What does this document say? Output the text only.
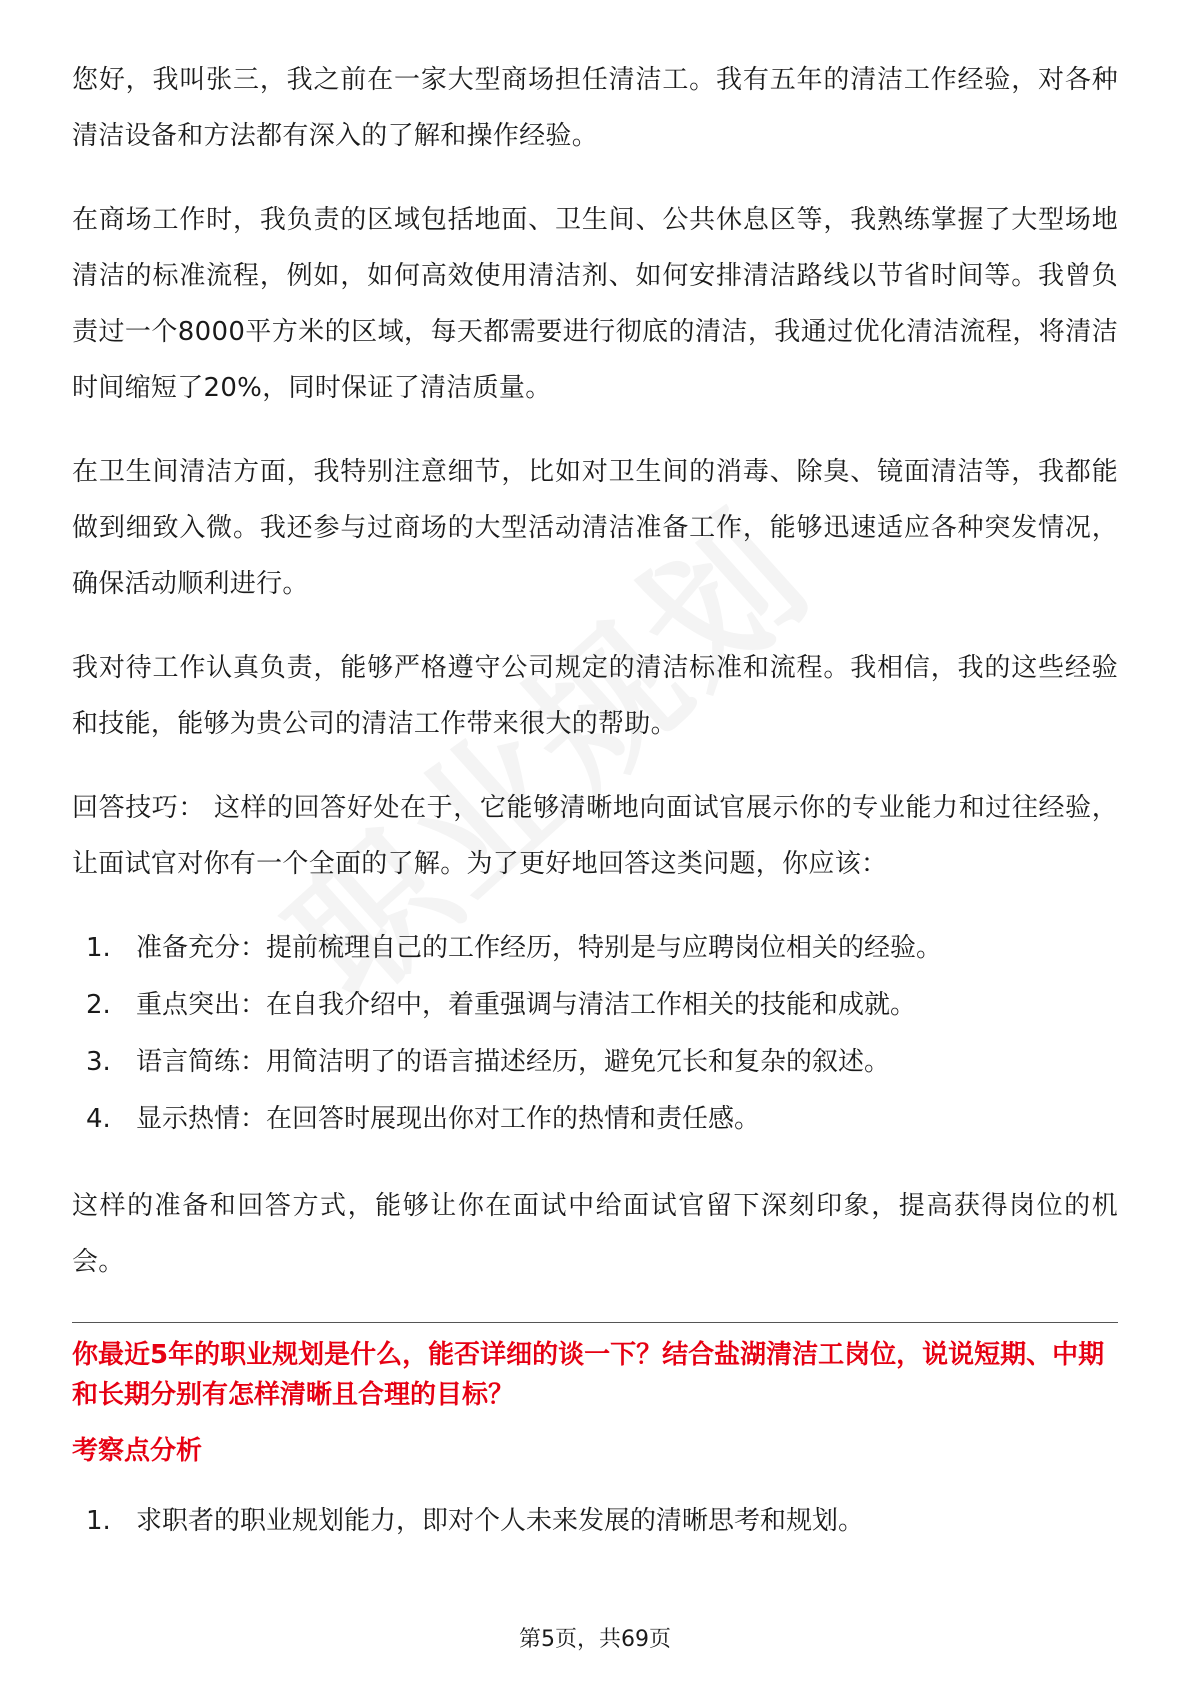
您好，我叫张三，我之前在一家大型商场担任清洁工。我有五年的清洁工作经验，对各种清洁设备和方法都有深入的了解和操作经验。

在商场工作时，我负责的区域包括地面、卫生间、公共休息区等，我熟练掌握了大型场地清洁的标准流程，例如，如何高效使用清洁剂、如何安排清洁路线以节省时间等。我曾负责过一个8000平方米的区域，每天都需要进行彻底的清洁，我通过优化清洁流程，将清洁时间缩短了20%，同时保证了清洁质量。

在卫生间清洁方面，我特别注意细节，比如对卫生间的消毒、除臭、镜面清洁等，我都能做到细致入微。我还参与过商场的大型活动清洁准备工作，能够迅速适应各种突发情况，确保活动顺利进行。

我对待工作认真负责，能够严格遵守公司规定的清洁标准和流程。我相信，我的这些经验和技能，能够为贵公司的清洁工作带来很大的帮助。

回答技巧： 这样的回答好处在于，它能够清晰地向面试官展示你的专业能力和过往经验，让面试官对你有一个全面的了解。为了更好地回答这类问题，你应该：

1. 准备充分：提前梳理自己的工作经历，特别是与应聘岗位相关的经验。
2. 重点突出：在自我介绍中，着重强调与清洁工作相关的技能和成就。
3. 语言简练：用简洁明了的语言描述经历，避免冗长和复杂的叙述。
4. 显示热情：在回答时展现出你对工作的热情和责任感。

这样的准备和回答方式，能够让你在面试中给面试官留下深刻印象，提高获得岗位的机会。

你最近5年的职业规划是什么，能否详细的谈一下？结合盐湖清洁工岗位，说说短期、中期和长期分别有怎样清晰且合理的目标？

考察点分析

1. 求职者的职业规划能力，即对个人未来发展的清晰思考和规划。
第5页，共69页
